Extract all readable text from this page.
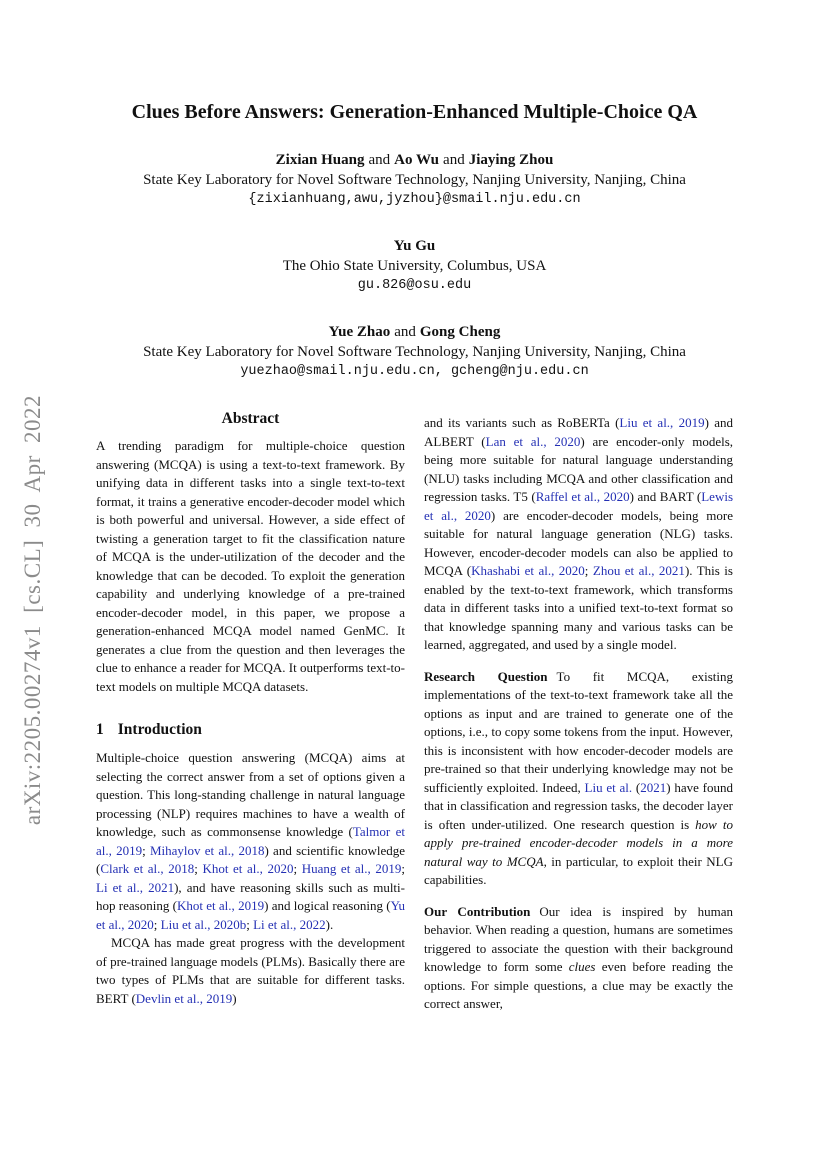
arXiv:2205.00274v1 [cs.CL] 30 Apr 2022
Clues Before Answers: Generation-Enhanced Multiple-Choice QA
Zixian Huang and Ao Wu and Jiaying Zhou
State Key Laboratory for Novel Software Technology, Nanjing University, Nanjing, China
{zixianhuang,awu,jyzhou}@smail.nju.edu.cn
Yu Gu
The Ohio State University, Columbus, USA
gu.826@osu.edu
Yue Zhao and Gong Cheng
State Key Laboratory for Novel Software Technology, Nanjing University, Nanjing, China
yuezhao@smail.nju.edu.cn, gcheng@nju.edu.cn
Abstract

A trending paradigm for multiple-choice question answering (MCQA) is using a text-to-text framework. By unifying data in different tasks into a single text-to-text format, it trains a generative encoder-decoder model which is both powerful and universal. However, a side effect of twisting a generation target to fit the classification nature of MCQA is the under-utilization of the decoder and the knowledge that can be decoded. To exploit the generation capability and underlying knowledge of a pre-trained encoder-decoder model, in this paper, we propose a generation-enhanced MCQA model named GenMC. It generates a clue from the question and then leverages the clue to enhance a reader for MCQA. It outperforms text-to-text models on multiple MCQA datasets.

1 Introduction

Multiple-choice question answering (MCQA) aims at selecting the correct answer from a set of options given a question. This long-standing challenge in natural language processing (NLP) requires machines to have a wealth of knowledge, such as commonsense knowledge (Talmor et al., 2019; Mihaylov et al., 2018) and scientific knowledge (Clark et al., 2018; Khot et al., 2020; Huang et al., 2019; Li et al., 2021), and have reasoning skills such as multi-hop reasoning (Khot et al., 2019) and logical reasoning (Yu et al., 2020; Liu et al., 2020b; Li et al., 2022).

MCQA has made great progress with the development of pre-trained language models (PLMs). Basically there are two types of PLMs that are suitable for different tasks. BERT (Devlin et al., 2019)

and its variants such as RoBERTa (Liu et al., 2019) and ALBERT (Lan et al., 2020) are encoder-only models, being more suitable for natural language understanding (NLU) tasks including MCQA and other classification and regression tasks. T5 (Raffel et al., 2020) and BART (Lewis et al., 2020) are encoder-decoder models, being more suitable for natural language generation (NLG) tasks. However, encoder-decoder models can also be applied to MCQA (Khashabi et al., 2020; Zhou et al., 2021). This is enabled by the text-to-text framework, which transforms data in different tasks into a unified text-to-text format so that knowledge spanning many and various tasks can be learned, aggregated, and used by a single model.

Research Question To fit MCQA, existing implementations of the text-to-text framework take all the options as input and are trained to generate one of the options, i.e., to copy some tokens from the input. However, this is inconsistent with how encoder-decoder models are pre-trained so that their underlying knowledge may not be sufficiently exploited. Indeed, Liu et al. (2021) have found that in classification and regression tasks, the decoder layer is often under-utilized. One research question is how to apply pre-trained encoder-decoder models in a more natural way to MCQA, in particular, to exploit their NLG capabilities.

Our Contribution Our idea is inspired by human behavior. When reading a question, humans are sometimes triggered to associate the question with their background knowledge to form some clues even before reading the options. For simple questions, a clue may be exactly the correct answer,
